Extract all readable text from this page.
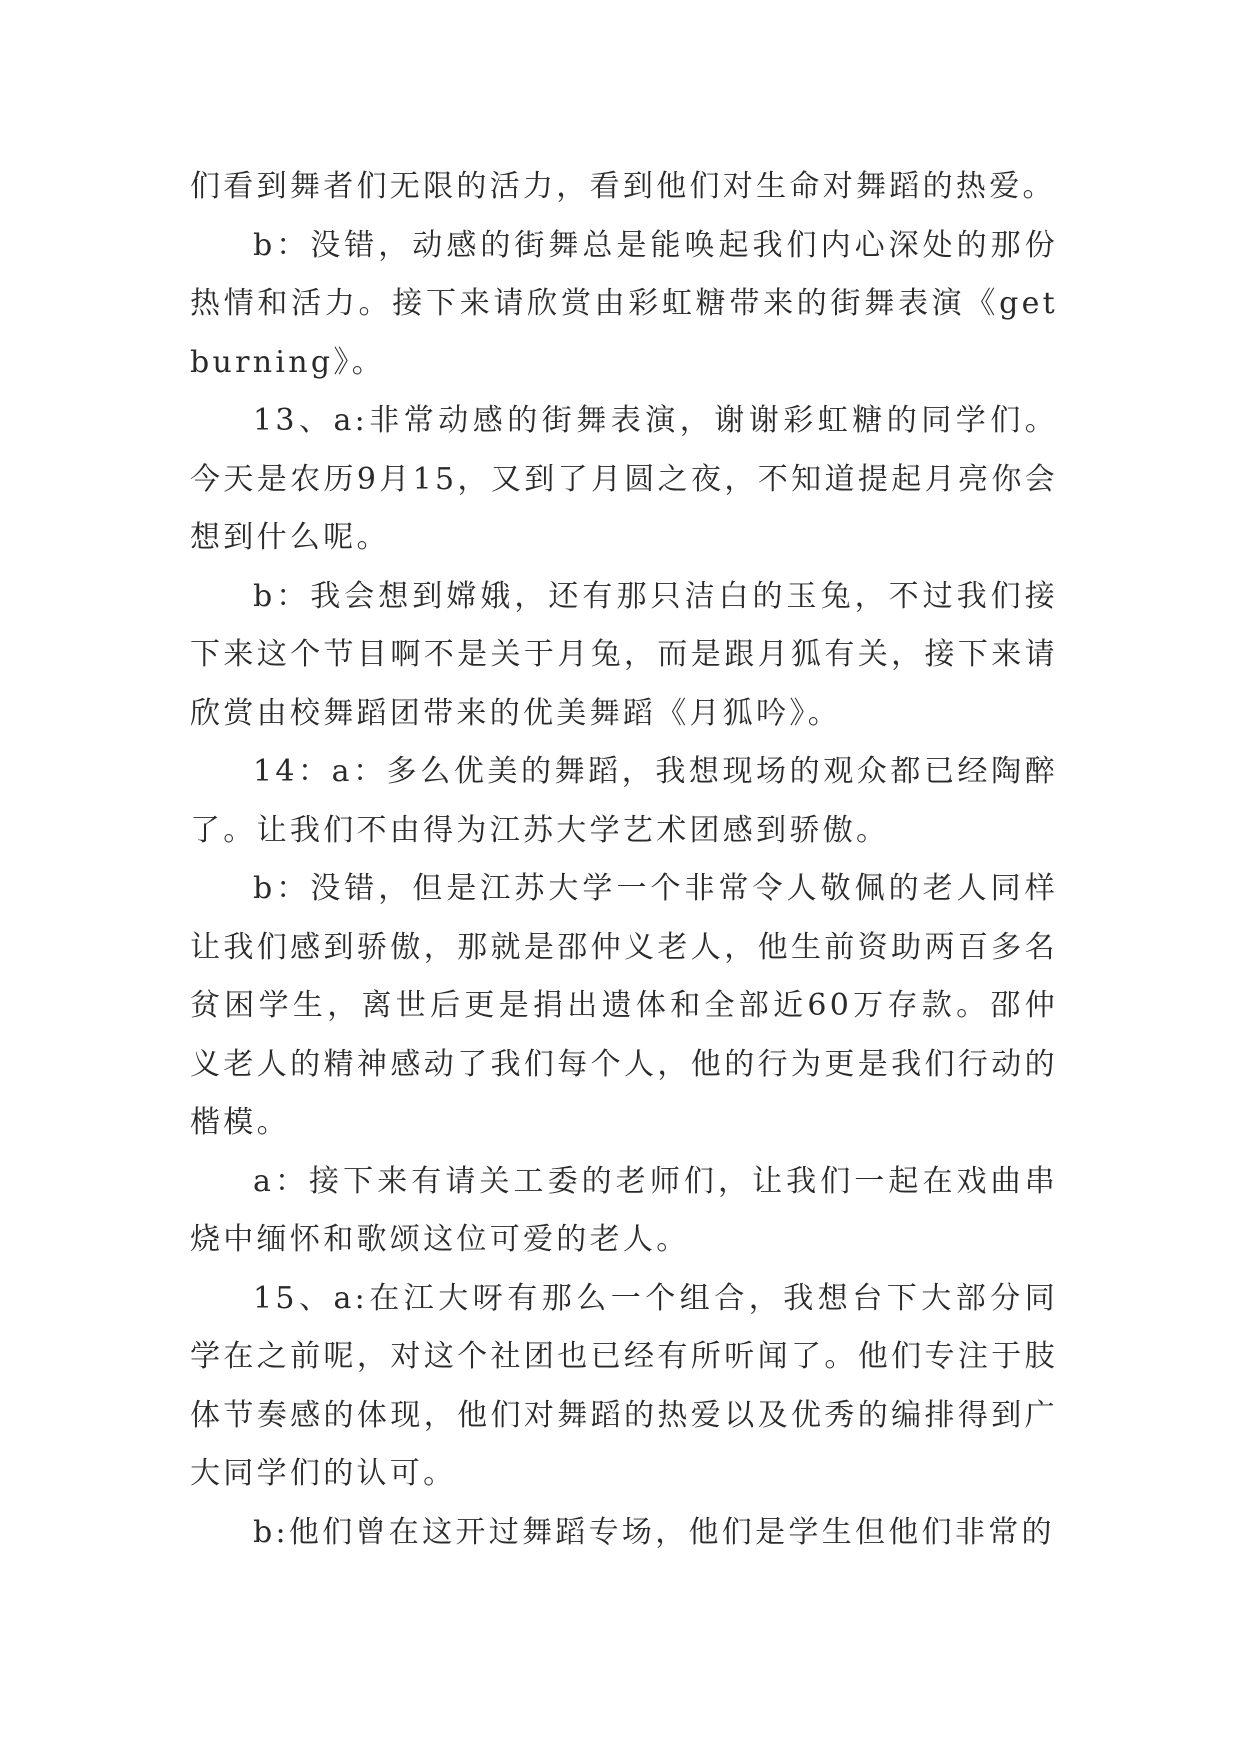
们看到舞者们无限的活力，看到他们对生命对舞蹈的热爱。

b：没错，动感的街舞总是能唤起我们内心深处的那份热情和活力。接下来请欣赏由彩虹糖带来的街舞表演《get burning》。

13、a:非常动感的街舞表演，谢谢彩虹糖的同学们。今天是农历9月15，又到了月圆之夜，不知道提起月亮你会想到什么呢。

b：我会想到嫦娥，还有那只洁白的玉兔，不过我们接下来这个节目啊不是关于月兔，而是跟月狐有关，接下来请欣赏由校舞蹈团带来的优美舞蹈《月狐吟》。

14：a：多么优美的舞蹈，我想现场的观众都已经陶醉了。让我们不由得为江苏大学艺术团感到骄傲。

b：没错，但是江苏大学一个非常令人敬佩的老人同样让我们感到骄傲，那就是邵仲义老人，他生前资助两百多名贫困学生，离世后更是捐出遗体和全部近60万存款。邵仲义老人的精神感动了我们每个人，他的行为更是我们行动的楷模。

a：接下来有请关工委的老师们，让我们一起在戏曲串烧中缅怀和歌颂这位可爱的老人。

15、a:在江大呀有那么一个组合，我想台下大部分同学在之前呢，对这个社团也已经有所听闻了。他们专注于肢体节奏感的体现，他们对舞蹈的热爱以及优秀的编排得到广大同学们的认可。

b:他们曾在这开过舞蹈专场，他们是学生但他们非常的
